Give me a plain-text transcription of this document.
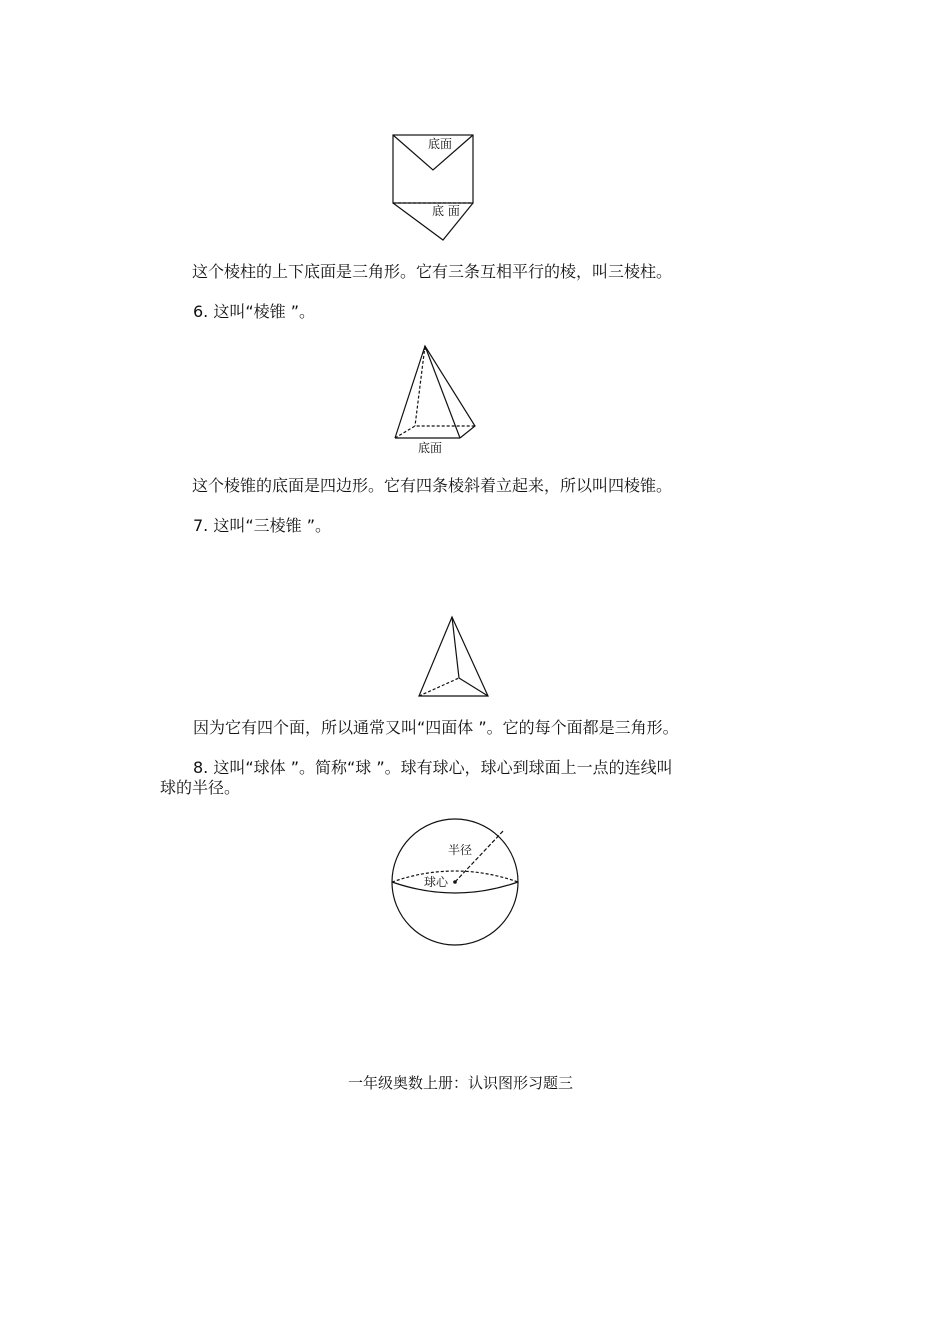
底面
底 面
这个棱柱的上下底面是三角形。它有三条互相平行的棱，叫三棱柱。
6. 这叫“棱锥 ”。
底面
这个棱锥的底面是四边形。它有四条棱斜着立起来，所以叫四棱锥。
7. 这叫“三棱锥 ”。
因为它有四个面，所以通常又叫“四面体 ”。它的每个面都是三角形。
8. 这叫“球体 ”。简称“球 ”。球有球心，球心到球面上一点的连线叫
球的半径。
半径
球心
一年级奥数上册：认识图形习题三
